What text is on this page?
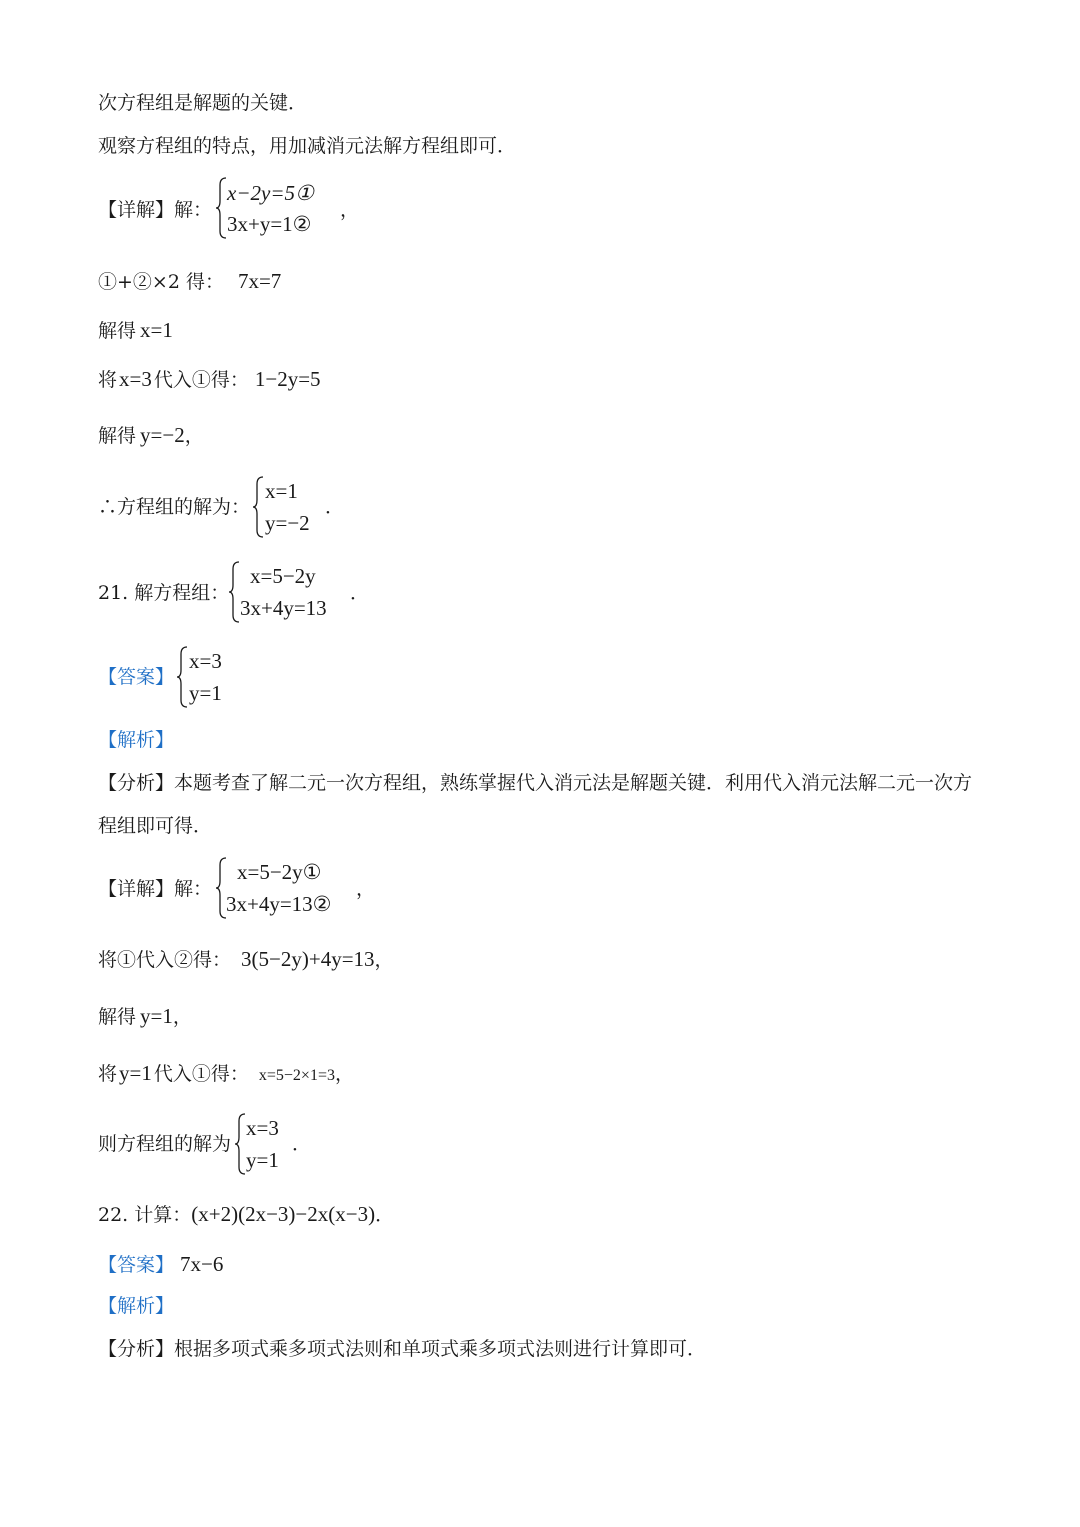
次方程组是解题的关键．
观察方程组的特点，用加减消元法解方程组即可．
【详解】解：
x−2y=5①
3x+y=1②
，
①+②×2 得： 7x=7
解得 x=1
将x=3 代入①得： 1−2y=5
解得 y=−2，
∴方程组的解为：
x=1
y=−2
．
21. 解方程组：
x=5−2y
3x+4y=13
．
【答案】
x=3
y=1
【解析】
【分析】本题考查了解二元一次方程组，熟练掌握代入消元法是解题关键．利用代入消元法解二元一次方
程组即可得．
【详解】解：
x=5−2y①
3x+4y=13②
，
将①代入②得： 3(5−2y)+4y=13，
解得 y=1，
将y=1 代入①得： x=5−2×1=3，
则方程组的解为
x=3
y=1
．
22. 计算：(x+2)(2x−3)−2x(x−3)．
【答案】 7x−6
【解析】
【分析】根据多项式乘多项式法则和单项式乘多项式法则进行计算即可．
